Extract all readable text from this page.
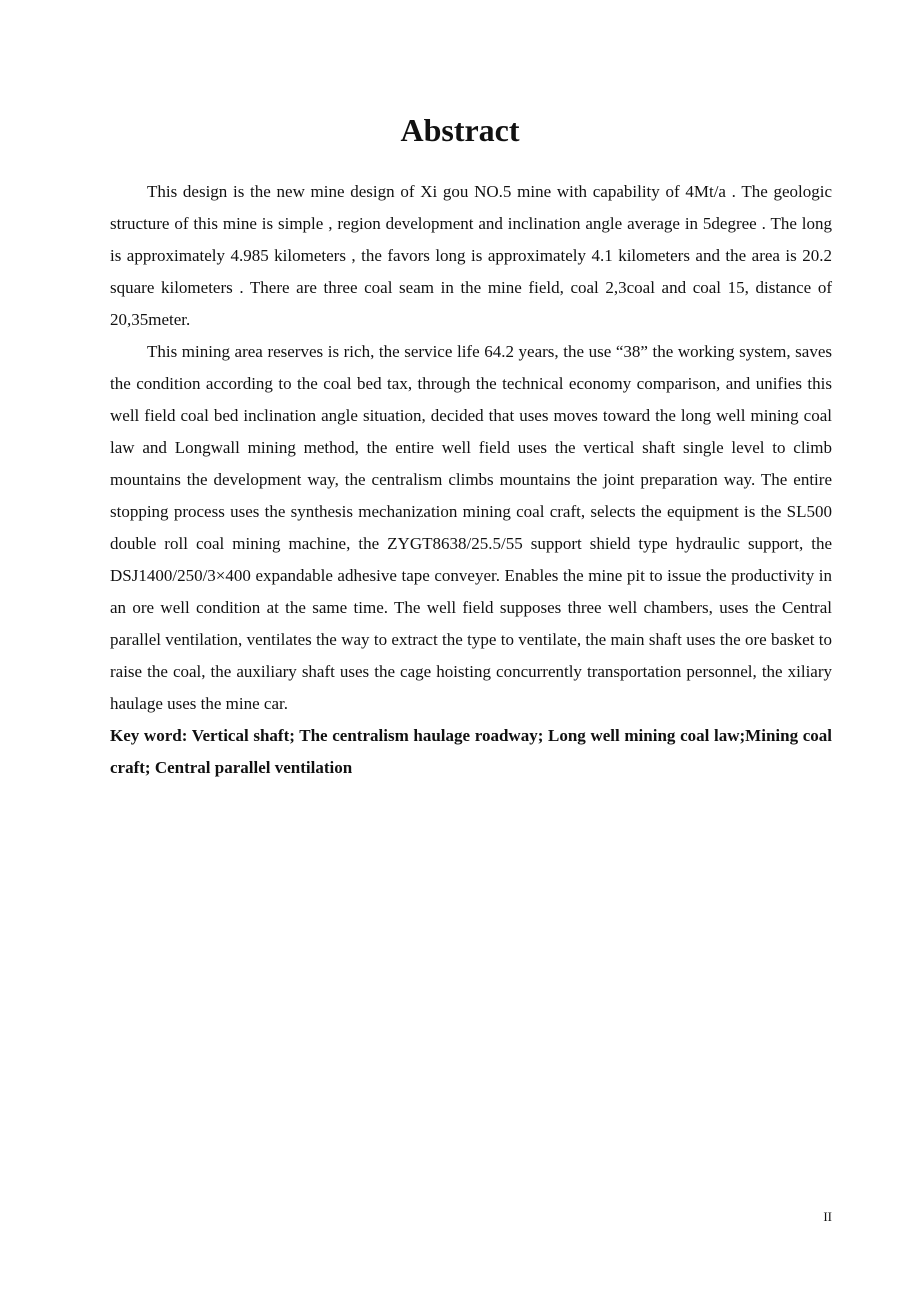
Abstract

This design is the new mine design of Xi gou NO.5 mine with capability of 4Mt/a . The geologic structure of this mine is simple , region development and inclination angle average in 5degree . The long is approximately 4.985 kilometers , the favors long is approximately 4.1 kilometers and the area is 20.2 square kilometers . There are three coal seam in the mine field, coal 2,3coal and coal 15, distance of 20,35meter.

This mining area reserves is rich, the service life 64.2 years, the use “38” the working system, saves the condition according to the coal bed tax, through the technical economy comparison, and unifies this well field coal bed inclination angle situation, decided that uses moves toward the long well mining coal law and Longwall mining method, the entire well field uses the vertical shaft single level to climb mountains the development way, the centralism climbs mountains the joint preparation way. The entire stopping process uses the synthesis mechanization mining coal craft, selects the equipment is the SL500 double roll coal mining machine, the ZYGT8638/25.5/55 support shield type hydraulic support, the DSJ1400/250/3×400 expandable adhesive tape conveyer. Enables the mine pit to issue the productivity in an ore well condition at the same time. The well field supposes three well chambers, uses the Central parallel ventilation, ventilates the way to extract the type to ventilate, the main shaft uses the ore basket to raise the coal, the auxiliary shaft uses the cage hoisting concurrently transportation personnel, the xiliary haulage uses the mine car.

Key word: Vertical shaft; The centralism haulage roadway; Long well mining coal law;Mining coal craft; Central parallel ventilation

II
